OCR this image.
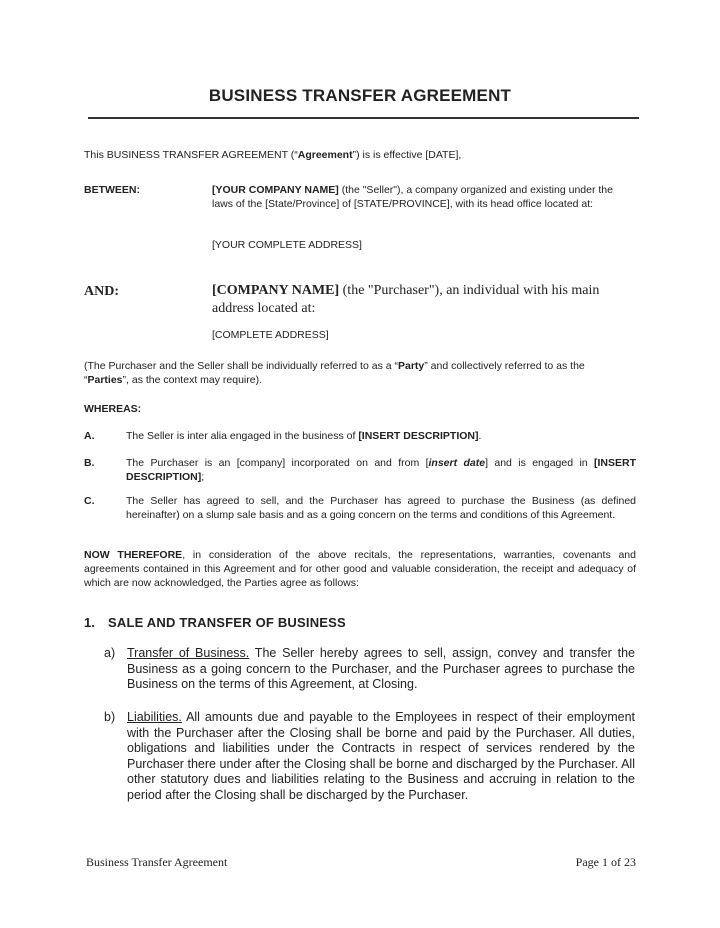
BUSINESS TRANSFER AGREEMENT
This BUSINESS TRANSFER AGREEMENT (“Agreement”) is is effective [DATE],
BETWEEN:	[YOUR COMPANY NAME] (the "Seller"), a company organized and existing under the laws of the [State/Province] of [STATE/PROVINCE], with its head office located at:
[YOUR COMPLETE ADDRESS]
AND:	[COMPANY NAME] (the "Purchaser"), an individual with his main address located at:
[COMPLETE ADDRESS]
(The Purchaser and the Seller shall be individually referred to as a “Party” and collectively referred to as the “Parties”, as the context may require).
WHEREAS:
A.	The Seller is inter alia engaged in the business of [INSERT DESCRIPTION].
B.	The Purchaser is an [company] incorporated on and from [insert date] and is engaged in [INSERT DESCRIPTION];
C.	The Seller has agreed to sell, and the Purchaser has agreed to purchase the Business (as defined hereinafter) on a slump sale basis and as a going concern on the terms and conditions of this Agreement.
NOW THEREFORE, in consideration of the above recitals, the representations, warranties, covenants and agreements contained in this Agreement and for other good and valuable consideration, the receipt and adequacy of which are now acknowledged, the Parties agree as follows:
1. SALE AND TRANSFER OF BUSINESS
a) Transfer of Business. The Seller hereby agrees to sell, assign, convey and transfer the Business as a going concern to the Purchaser, and the Purchaser agrees to purchase the Business on the terms of this Agreement, at Closing.
b) Liabilities. All amounts due and payable to the Employees in respect of their employment with the Purchaser after the Closing shall be borne and paid by the Purchaser. All duties, obligations and liabilities under the Contracts in respect of services rendered by the Purchaser there under after the Closing shall be borne and discharged by the Purchaser. All other statutory dues and liabilities relating to the Business and accruing in relation to the period after the Closing shall be discharged by the Purchaser.
Business Transfer Agreement	Page 1 of 23
